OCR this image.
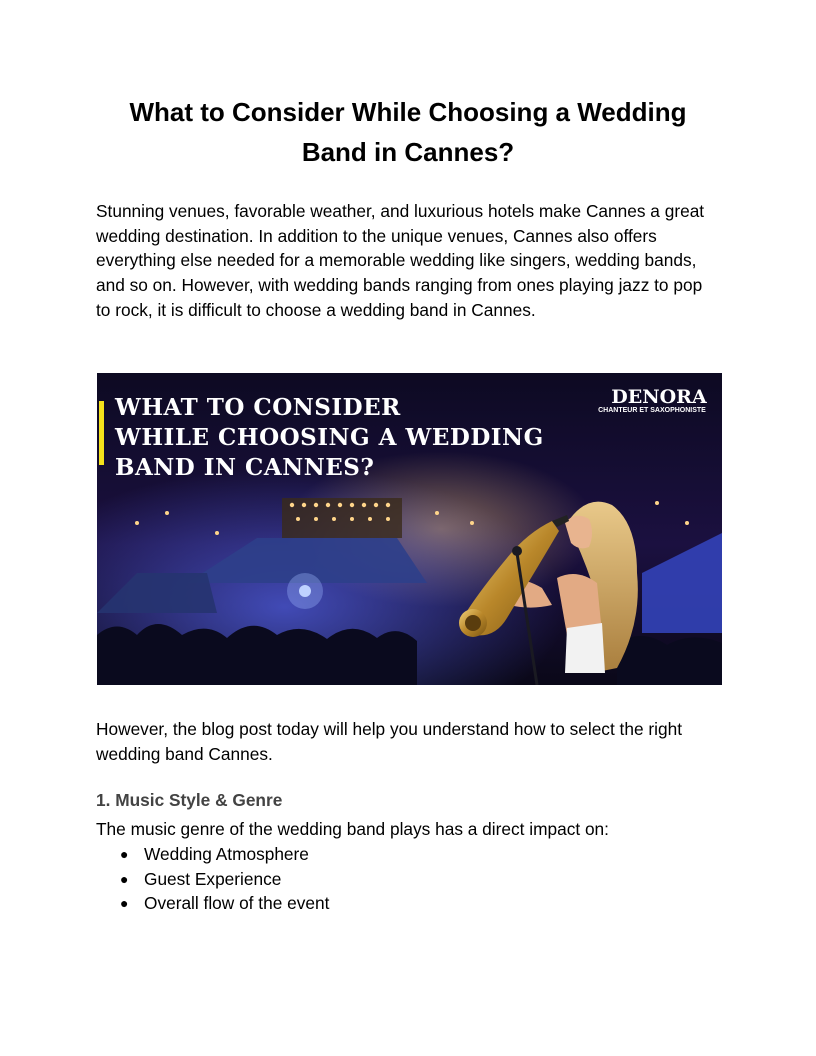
What to Consider While Choosing a Wedding Band in Cannes?

Stunning venues, favorable weather, and luxurious hotels make Cannes a great wedding destination. In addition to the unique venues, Cannes also offers everything else needed for a memorable wedding like singers, wedding bands, and so on. However, with wedding bands ranging from ones playing jazz to pop to rock, it is difficult to choose a wedding band in Cannes.

WHAT TO CONSIDER
WHILE CHOOSING A WEDDING
BAND IN CANNES?
DENORA
CHANTEUR ET SAXOPHONISTE

However, the blog post today will help you understand how to select the right wedding band Cannes.

1. Music Style & Genre

The music genre of the wedding band plays has a direct impact on:

● Wedding Atmosphere
● Guest Experience
● Overall flow of the event
